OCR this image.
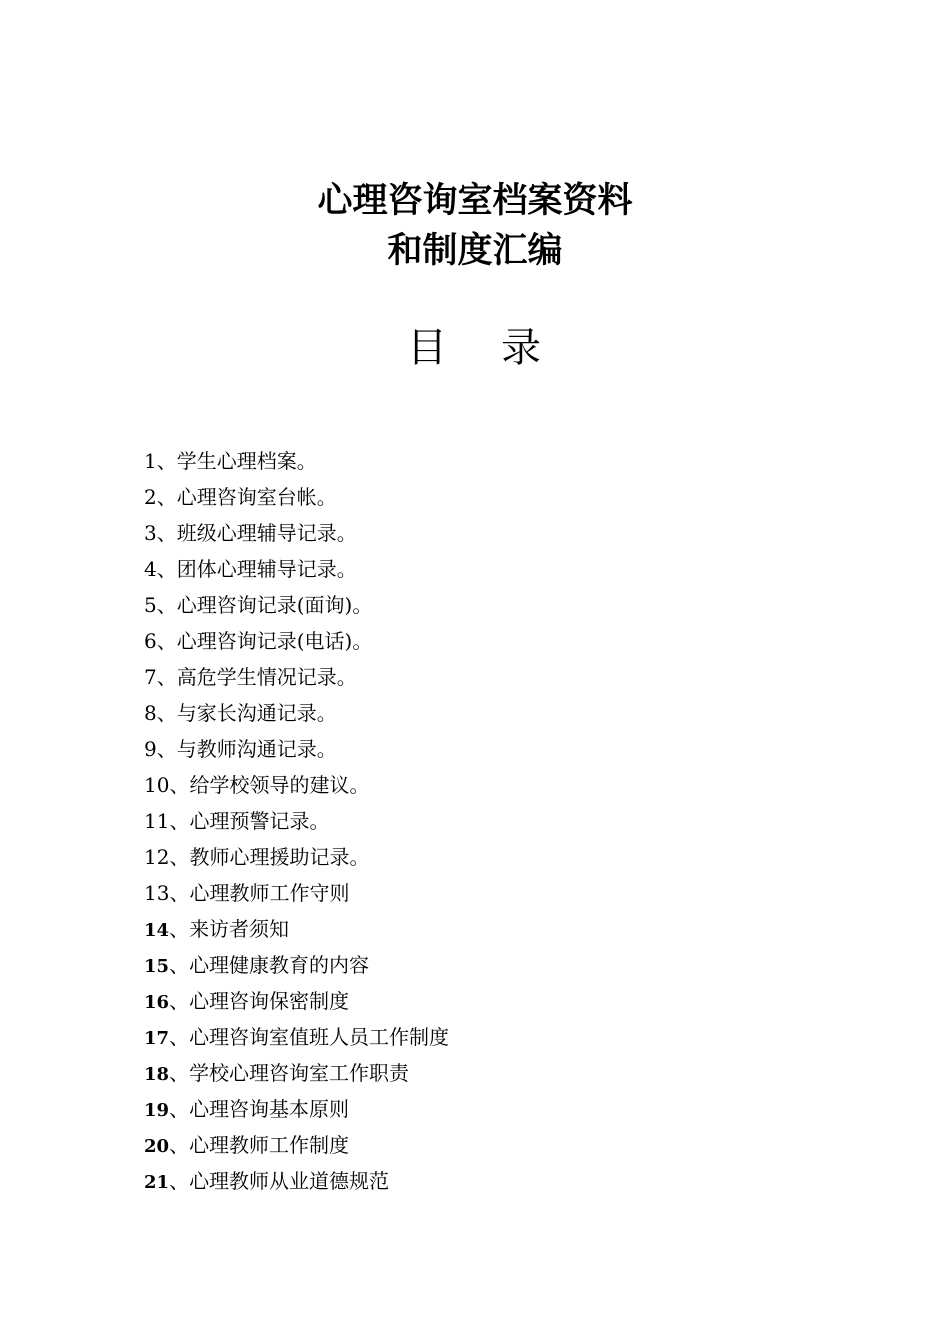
心理咨询室档案资料
和制度汇编
目 录
1、学生心理档案。
2、心理咨询室台帐。
3、班级心理辅导记录。
4、团体心理辅导记录。
5、心理咨询记录(面询)。
6、心理咨询记录(电话)。
7、高危学生情况记录。
8、与家长沟通记录。
9、与教师沟通记录。
10、给学校领导的建议。
11、心理预警记录。
12、教师心理援助记录。
13、心理教师工作守则
14、来访者须知
15、心理健康教育的内容
16、心理咨询保密制度
17、心理咨询室值班人员工作制度
18、学校心理咨询室工作职责
19、心理咨询基本原则
20、心理教师工作制度
21、心理教师从业道德规范
